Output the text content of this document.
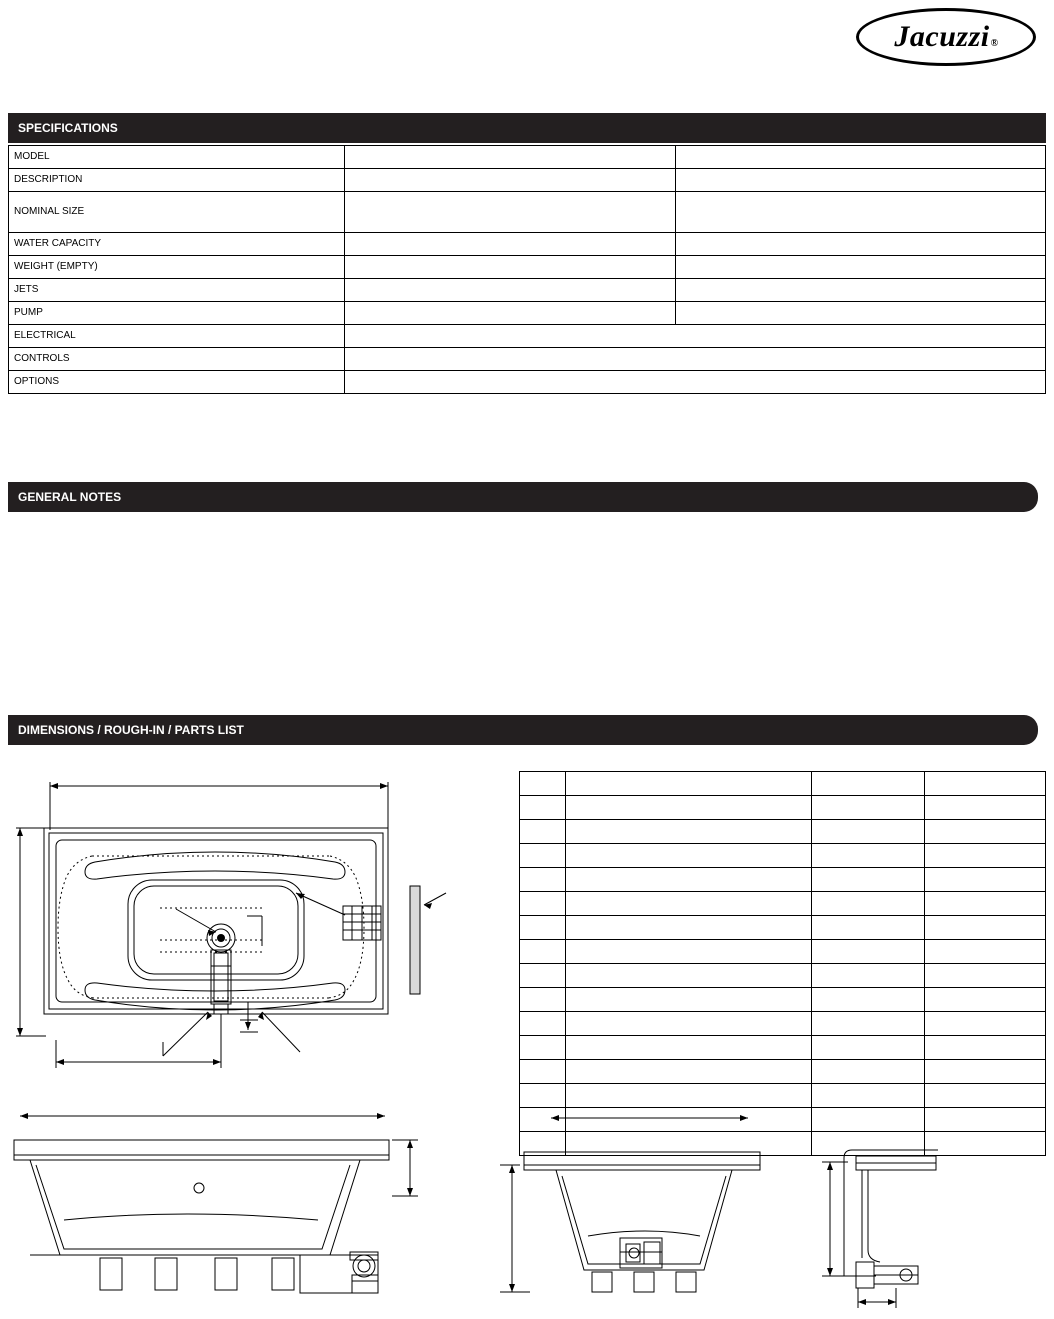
Jacuzzi ®
SPECIFICATIONS
MODEL		
DESCRIPTION		
NOMINAL SIZE		
WATER CAPACITY		
WEIGHT (EMPTY)		
JETS		
PUMP		
ELECTRICAL		
CONTROLS		
OPTIONS		
GENERAL NOTES
DIMENSIONS / ROUGH-IN / PARTS LIST
